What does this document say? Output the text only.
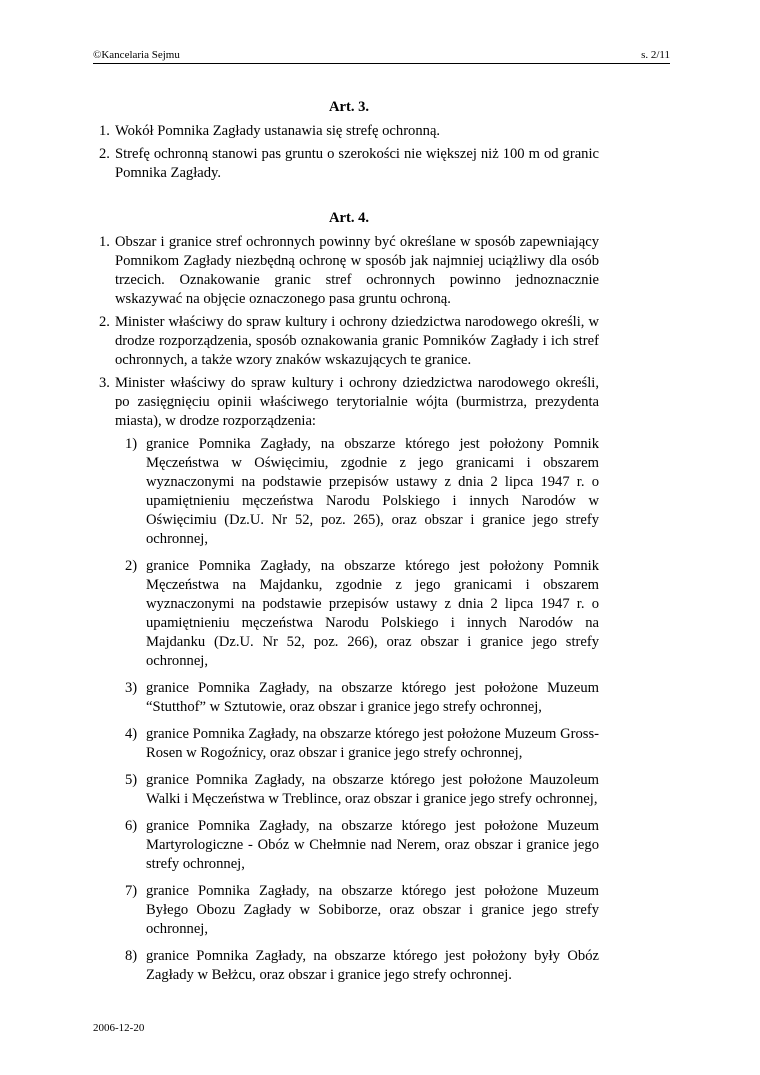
©Kancelaria Sejmu	s. 2/11
Art. 3.
1. Wokół Pomnika Zagłady ustanawia się strefę ochronną.
2. Strefę ochronną stanowi pas gruntu o szerokości nie większej niż 100 m od granic Pomnika Zagłady.
Art. 4.
1. Obszar i granice stref ochronnych powinny być określane w sposób zapewniający Pomnikom Zagłady niezbędną ochronę w sposób jak najmniej uciążliwy dla osób trzecich. Oznakowanie granic stref ochronnych powinno jednoznacznie wskazywać na objęcie oznaczonego pasa gruntu ochroną.
2. Minister właściwy do spraw kultury i ochrony dziedzictwa narodowego określi, w drodze rozporządzenia, sposób oznakowania granic Pomników Zagłady i ich stref ochronnych, a także wzory znaków wskazujących te granice.
3. Minister właściwy do spraw kultury i ochrony dziedzictwa narodowego określi, po zasięgnięciu opinii właściwego terytorialnie wójta (burmistrza, prezydenta miasta), w drodze rozporządzenia:
1) granice Pomnika Zagłady, na obszarze którego jest położony Pomnik Męczeństwa w Oświęcimiu, zgodnie z jego granicami i obszarem wyznaczonymi na podstawie przepisów ustawy z dnia 2 lipca 1947 r. o upamiętnieniu męczeństwa Narodu Polskiego i innych Narodów w Oświęcimiu (Dz.U. Nr 52, poz. 265), oraz obszar i granice jego strefy ochronnej,
2) granice Pomnika Zagłady, na obszarze którego jest położony Pomnik Męczeństwa na Majdanku, zgodnie z jego granicami i obszarem wyznaczonymi na podstawie przepisów ustawy z dnia 2 lipca 1947 r. o upamiętnieniu męczeństwa Narodu Polskiego i innych Narodów na Majdanku (Dz.U. Nr 52, poz. 266), oraz obszar i granice jego strefy ochronnej,
3) granice Pomnika Zagłady, na obszarze którego jest położone Muzeum “Stutthof” w Sztutowie, oraz obszar i granice jego strefy ochronnej,
4) granice Pomnika Zagłady, na obszarze którego jest położone Muzeum Gross-Rosen w Rogoźnicy, oraz obszar i granice jego strefy ochronnej,
5) granice Pomnika Zagłady, na obszarze którego jest położone Mauzoleum Walki i Męczeństwa w Treblince, oraz obszar i granice jego strefy ochronnej,
6) granice Pomnika Zagłady, na obszarze którego jest położone Muzeum Martyrologiczne - Obóz w Chełmnie nad Nerem, oraz obszar i granice jego strefy ochronnej,
7) granice Pomnika Zagłady, na obszarze którego jest położone Muzeum Byłego Obozu Zagłady w Sobiborze, oraz obszar i granice jego strefy ochronnej,
8) granice Pomnika Zagłady, na obszarze którego jest położony były Obóz Zagłady w Bełżcu, oraz obszar i granice jego strefy ochronnej.
2006-12-20
